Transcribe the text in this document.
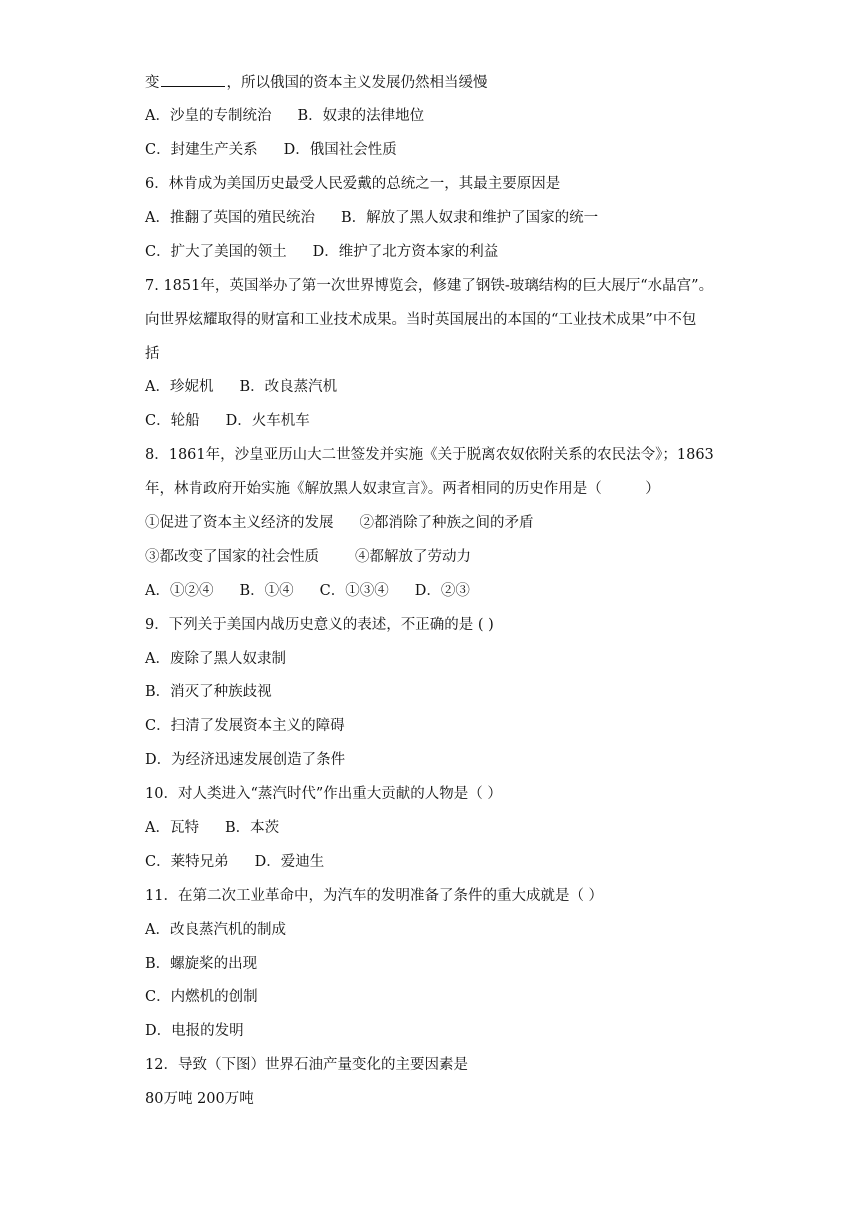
变	，所以俄国的资本主义发展仍然相当缓慢
A．沙皇的专制统治 B．奴隶的法律地位
C．封建生产关系 D．俄国社会性质
6．林肯成为美国历史最受人民爱戴的总统之一，其最主要原因是
A．推翻了英国的殖民统治 B．解放了黑人奴隶和维护了国家的统一
C．扩大了美国的领土 D．维护了北方资本家的利益
7. 1851年，英国举办了第一次世界博览会，修建了钢铁-玻璃结构的巨大展厅“水晶宫”。
向世界炫耀取得的财富和工业技术成果。当时英国展出的本国的“工业技术成果”中不包
括
A．珍妮机 B．改良蒸汽机
C．轮船 D．火车机车
8．1861年，沙皇亚历山大二世签发并实施《关于脱离农奴依附关系的农民法令》；1863
年，林肯政府开始实施《解放黑人奴隶宣言》。两者相同的历史作用是（　　　）
①促进了资本主义经济的发展 ②都消除了种族之间的矛盾
③都改变了国家的社会性质 ④都解放了劳动力
A．①②④ B．①④ C．①③④ D．②③
9．下列关于美国内战历史意义的表述，不正确的是 ( )
A．废除了黑人奴隶制
B．消灭了种族歧视
C．扫清了发展资本主义的障碍
D．为经济迅速发展创造了条件
10．对人类进入“蒸汽时代”作出重大贡献的人物是（ ）
A．瓦特 B．本茨
C．莱特兄弟 D．爱迪生
11．在第二次工业革命中，为汽车的发明准备了条件的重大成就是（ ）
A．改良蒸汽机的制成
B．螺旋桨的出现
C．内燃机的创制
D．电报的发明
12．导致（下图）世界石油产量变化的主要因素是
80万吨 200万吨
